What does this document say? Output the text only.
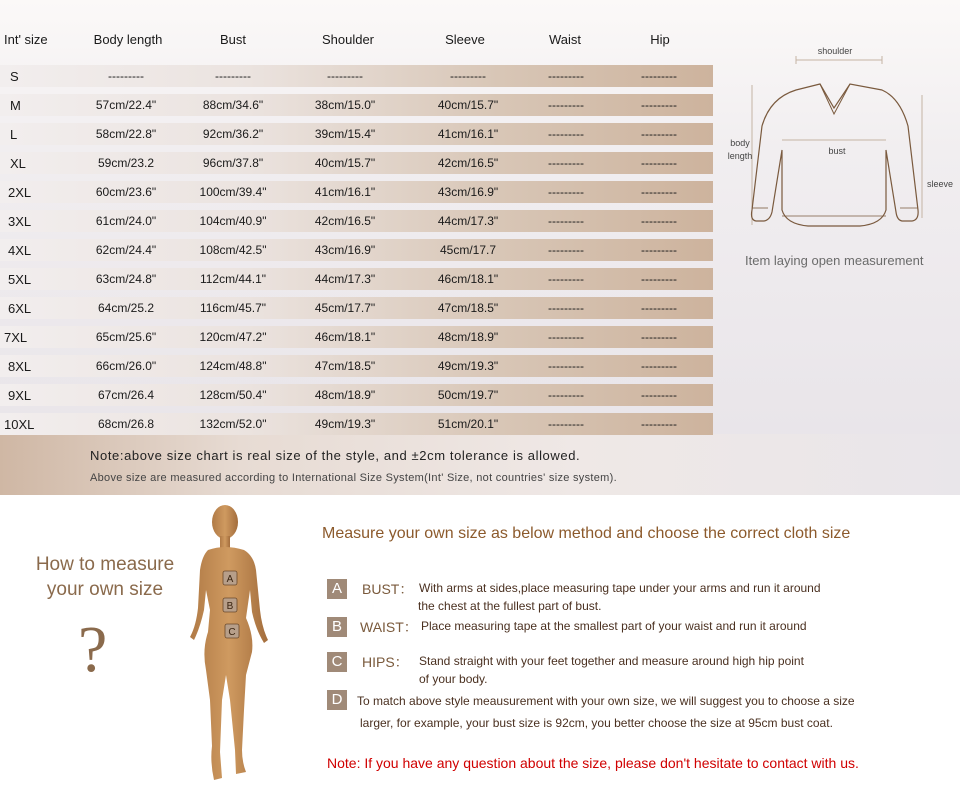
Int' size	Body length	Bust	Shoulder	Sleeve	Waist	Hip
S	---------	---------	---------	---------	---------	---------
M	57cm/22.4"	88cm/34.6"	38cm/15.0"	40cm/15.7"	---------	---------
L	58cm/22.8"	92cm/36.2"	39cm/15.4"	41cm/16.1"	---------	---------
XL	59cm/23.2	96cm/37.8"	40cm/15.7"	42cm/16.5"	---------	---------
2XL	60cm/23.6"	100cm/39.4"	41cm/16.1"	43cm/16.9"	---------	---------
3XL	61cm/24.0"	104cm/40.9"	42cm/16.5"	44cm/17.3"	---------	---------
4XL	62cm/24.4"	108cm/42.5"	43cm/16.9"	45cm/17.7	---------	---------
5XL	63cm/24.8"	112cm/44.1"	44cm/17.3"	46cm/18.1"	---------	---------
6XL	64cm/25.2	116cm/45.7"	45cm/17.7"	47cm/18.5"	---------	---------
7XL	65cm/25.6"	120cm/47.2"	46cm/18.1"	48cm/18.9"	---------	---------
8XL	66cm/26.0"	124cm/48.8"	47cm/18.5"	49cm/19.3"	---------	---------
9XL	67cm/26.4	128cm/50.4"	48cm/18.9"	50cm/19.7"	---------	---------
10XL	68cm/26.8	132cm/52.0"	49cm/19.3"	51cm/20.1"	---------	---------
Note:above size chart is real size of the style, and ±2cm tolerance is allowed.
Above size are measured according to International Size System(Int' Size, not countries' size system).
shoulder
body
length
sleeve
bust
Item laying open measurement
How to measure
your own size
?
A
B
C
Measure your own size as below method and choose the correct cloth size
A	BUST： With arms at sides,place measuring tape under your arms and run it around
the chest at the fullest part of bust.
B	WAIST： Place measuring tape at the smallest part of your waist and run it around
C	HIPS： Stand straight with your feet together and measure around high hip point
of your body.
D	To match above style meausurement with your own size, we will suggest you to choose a size
larger, for example, your bust size is 92cm, you better choose the size at 95cm bust coat.
Note: If you have any question about the size, please don't hesitate to contact with us.
